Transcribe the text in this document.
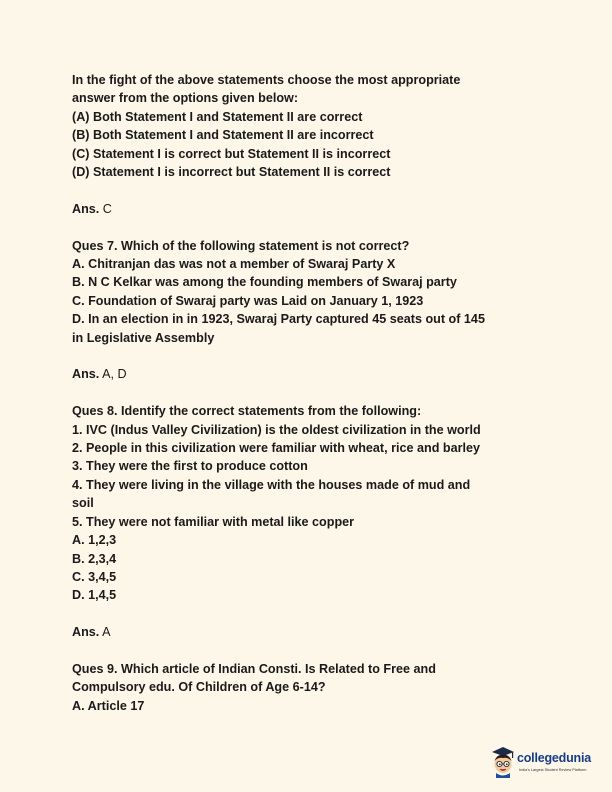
In the fight of the above statements choose the most appropriate
answer from the options given below:
(A) Both Statement I and Statement II are correct
(B) Both Statement I and Statement II are incorrect
(C) Statement I is correct but Statement II is incorrect
(D) Statement I is incorrect but Statement II is correct
Ans. C
Ques 7. Which of the following statement is not correct?
A. Chitranjan das was not a member of Swaraj Party X
B. N C Kelkar was among the founding members of Swaraj party
C. Foundation of Swaraj party was Laid on January 1, 1923
D. In an election in in 1923, Swaraj Party captured 45 seats out of 145
in Legislative Assembly
Ans. A, D
Ques 8. Identify the correct statements from the following:
1. IVC (Indus Valley Civilization) is the oldest civilization in the world
2. People in this civilization were familiar with wheat, rice and barley
3. They were the first to produce cotton
4. They were living in the village with the houses made of mud and
soil
5. They were not familiar with metal like copper
A. 1,2,3
B. 2,3,4
C. 3,4,5
D. 1,4,5
Ans. A
Ques 9. Which article of Indian Consti. Is Related to Free and
Compulsory edu. Of Children of Age 6-14?
A. Article 17
collegedunia
India's Largest Student Review Platform
